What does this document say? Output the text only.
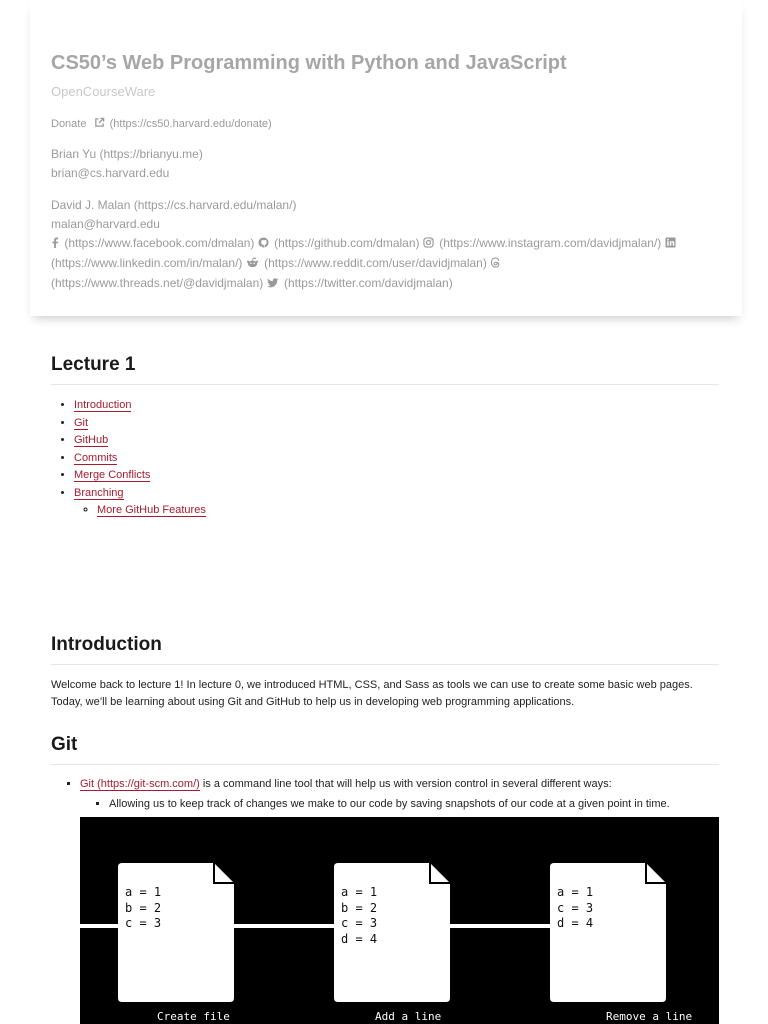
CS50’s Web Programming with Python and JavaScript
OpenCourseWare
Donate (https://cs50.harvard.edu/donate)
Brian Yu (https://brianyu.me)
brian@cs.harvard.edu
David J. Malan (https://cs.harvard.edu/malan/)
malan@harvard.edu
(https://www.facebook.com/dmalan) (https://github.com/dmalan) (https://www.instagram.com/davidjmalan/)
(https://www.linkedin.com/in/malan/) (https://www.reddit.com/user/davidjmalan)
(https://www.threads.net/@davidjmalan) (https://twitter.com/davidjmalan)
Lecture 1
• Introduction
• Git
• GitHub
• Commits
• Merge Conflicts
• Branching
◦ More GitHub Features
Introduction
Welcome back to lecture 1! In lecture 0, we introduced HTML, CSS, and Sass as tools we can use to create some basic web pages.
Today, we’ll be learning about using Git and GitHub to help us in developing web programming applications.
Git
▪ Git (https://git-scm.com/) is a command line tool that will help us with version control in several different ways:
▪ Allowing us to keep track of changes we make to our code by saving snapshots of our code at a given point in time.
a = 1
b = 2
c = 3
a = 1
b = 2
c = 3
d = 4
a = 1
c = 3
d = 4
Create file	Add a line	Remove a line
